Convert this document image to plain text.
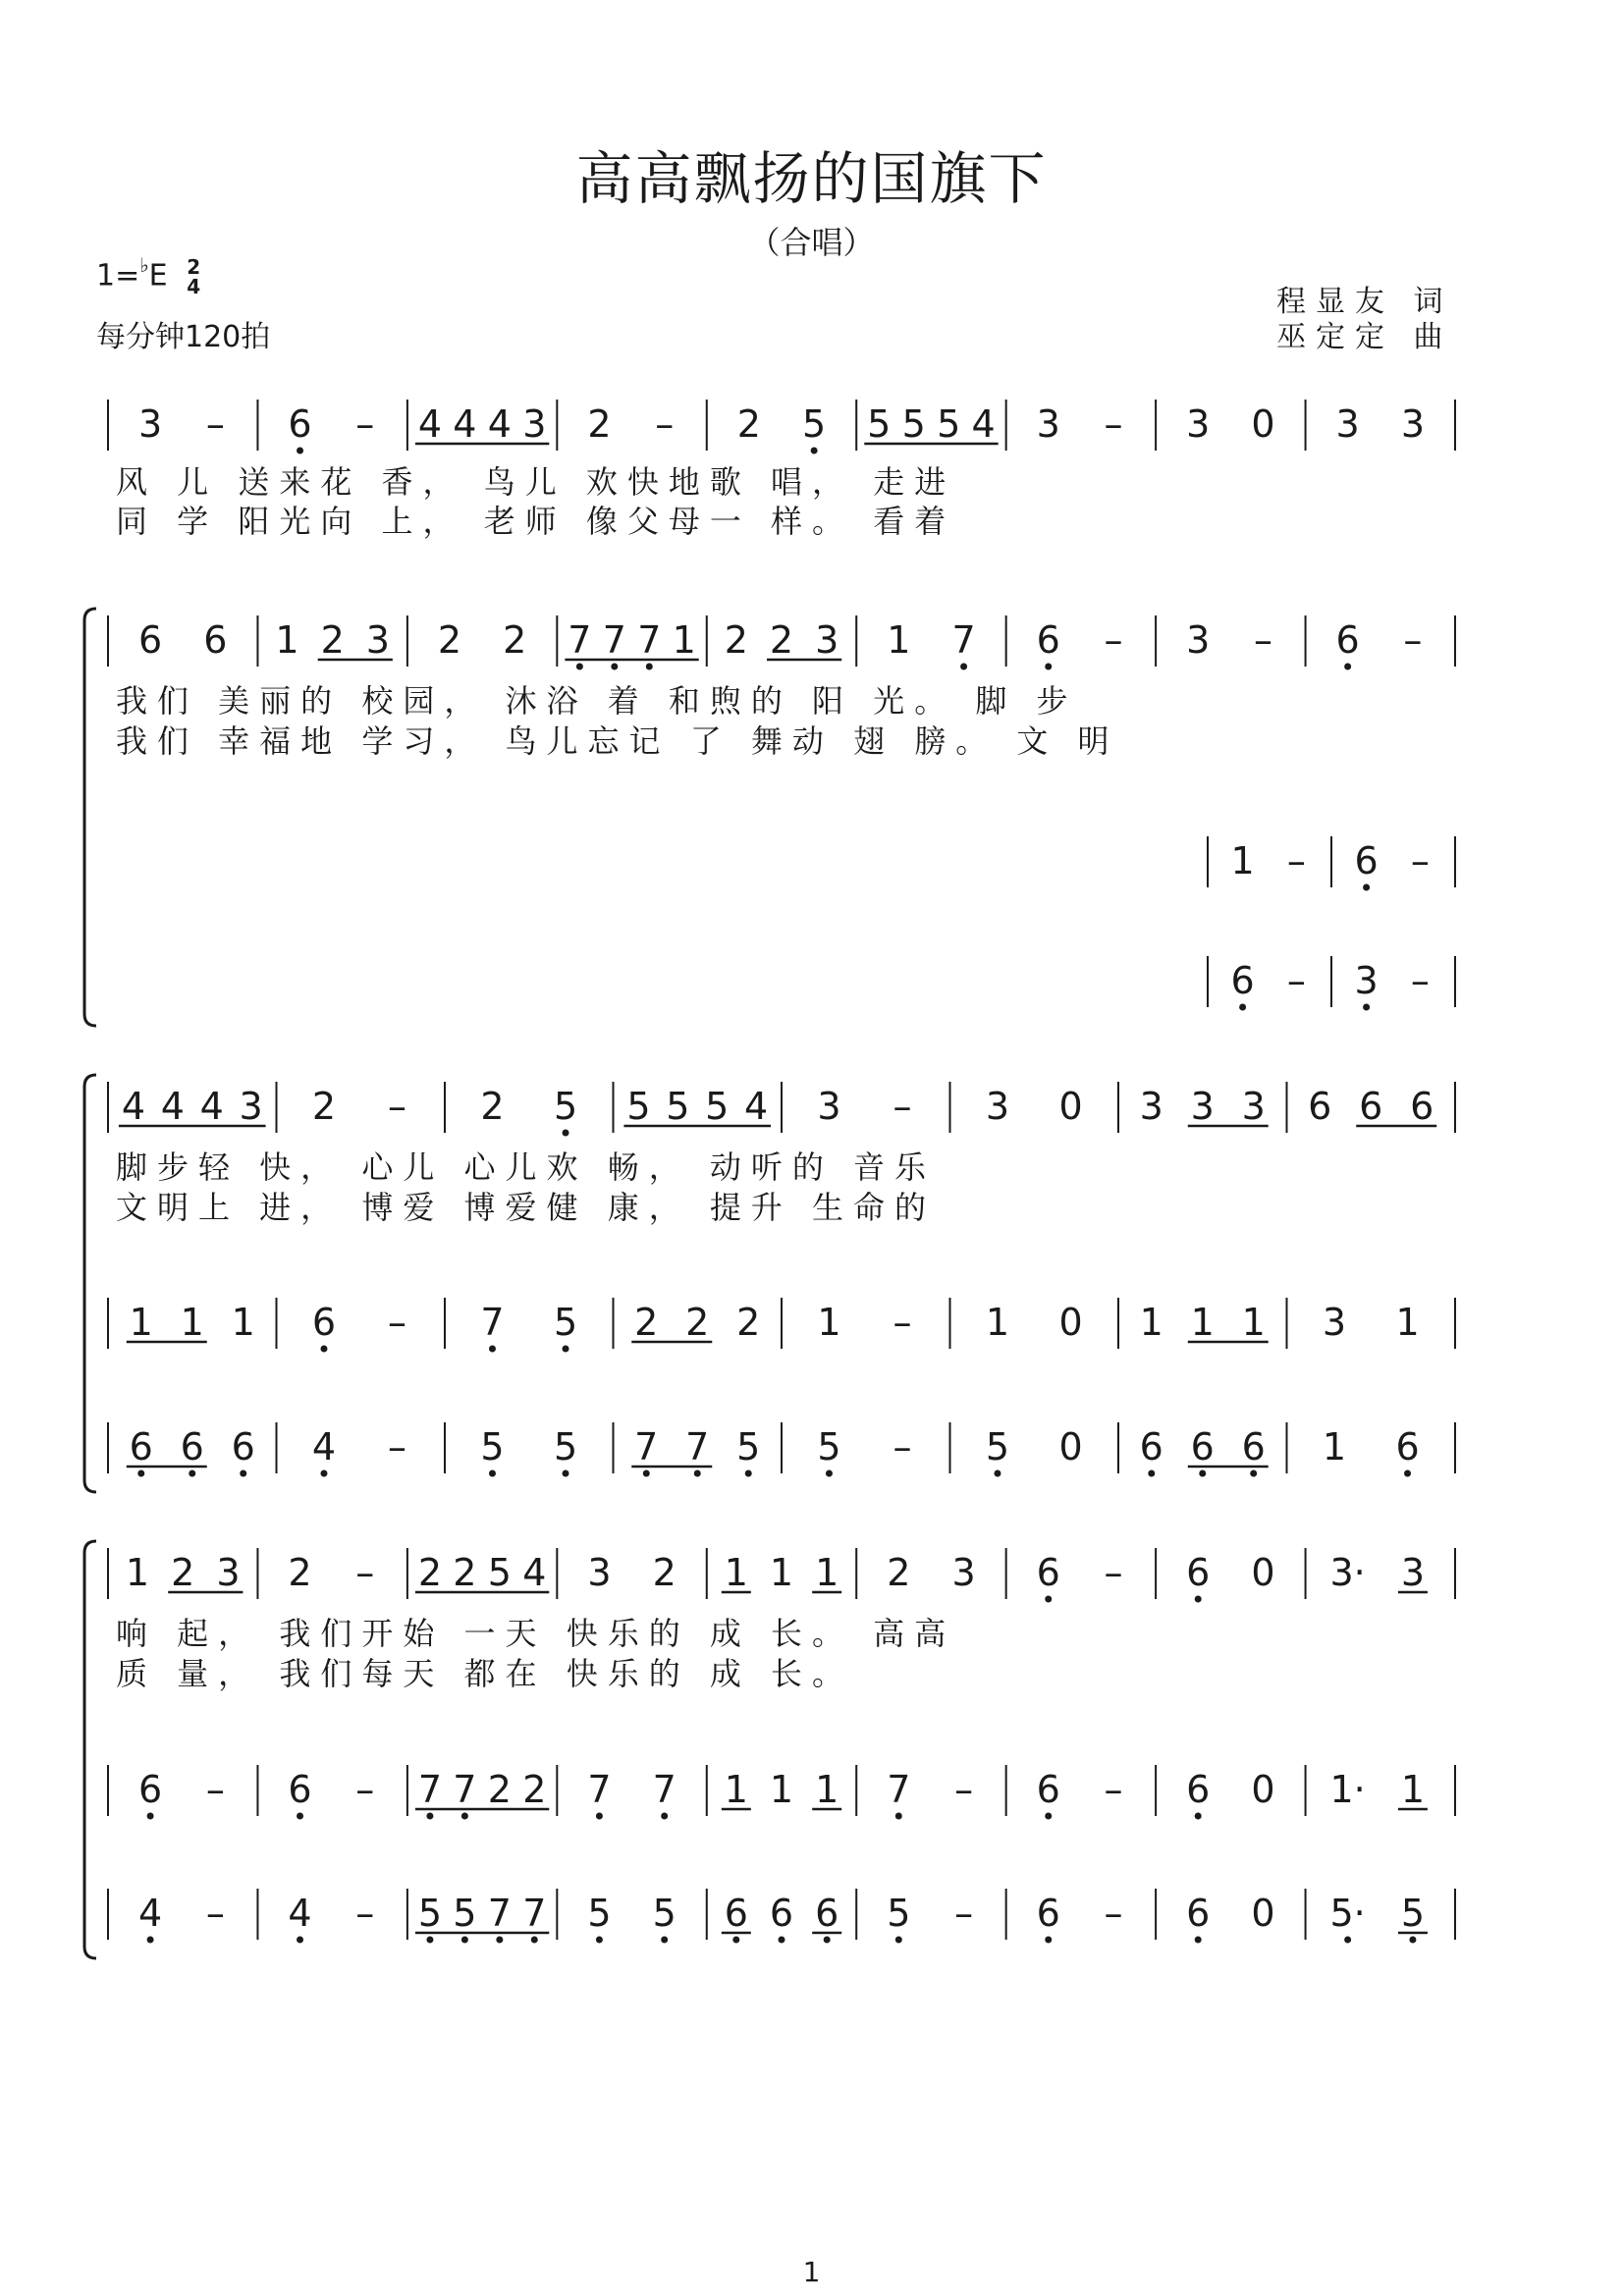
高高飘扬的国旗下
（合唱）
1=♭E 2
4
每分钟120拍
程显友 词
巫定定 曲
3 – 6 – 4 4 4 3 2 – 2 5 5 5 5 4 3 – 3 0 3 3
风 儿 送来花 香， 鸟儿 欢快地歌 唱， 走进
同 学 阳光向 上， 老师 像父母一 样。 看着
6 6 1 2 3 2 2 7 7 7 1 2 2 3 1 7 6 – 3 – 6 –
1 – 6 –
6 – 3 –
我们 美丽的 校园， 沐浴 着 和煦的 阳 光。 脚 步
我们 幸福地 学习， 鸟儿忘记 了 舞动 翅 膀。 文 明
4 4 4 3 2 – 2 5 5 5 5 4 3 – 3 0 3 3 3 6 6 6
1 1 1 6 – 7 5 2 2 2 1 – 1 0 1 1 1 3 1
6 6 6 4 – 5 5 7 7 5 5 – 5 0 6 6 6 1 6
脚步轻 快， 心儿 心儿欢 畅， 动听的 音乐
文明上 进， 博爱 博爱健 康， 提升 生命的
1 2 3 2 – 2 2 5 4 3 2 1 1 1 2 3 6 – 6 0 3· 3
6 – 6 – 7 7 2 2 7 7 1 1 1 7 – 6 – 6 0 1· 1
4 – 4 – 5 5 7 7 5 5 6 6 6 5 – 6 – 6 0 5· 5
响 起， 我们开始 一天 快乐的 成 长。 高高
质 量， 我们每天 都在 快乐的 成 长。
1
